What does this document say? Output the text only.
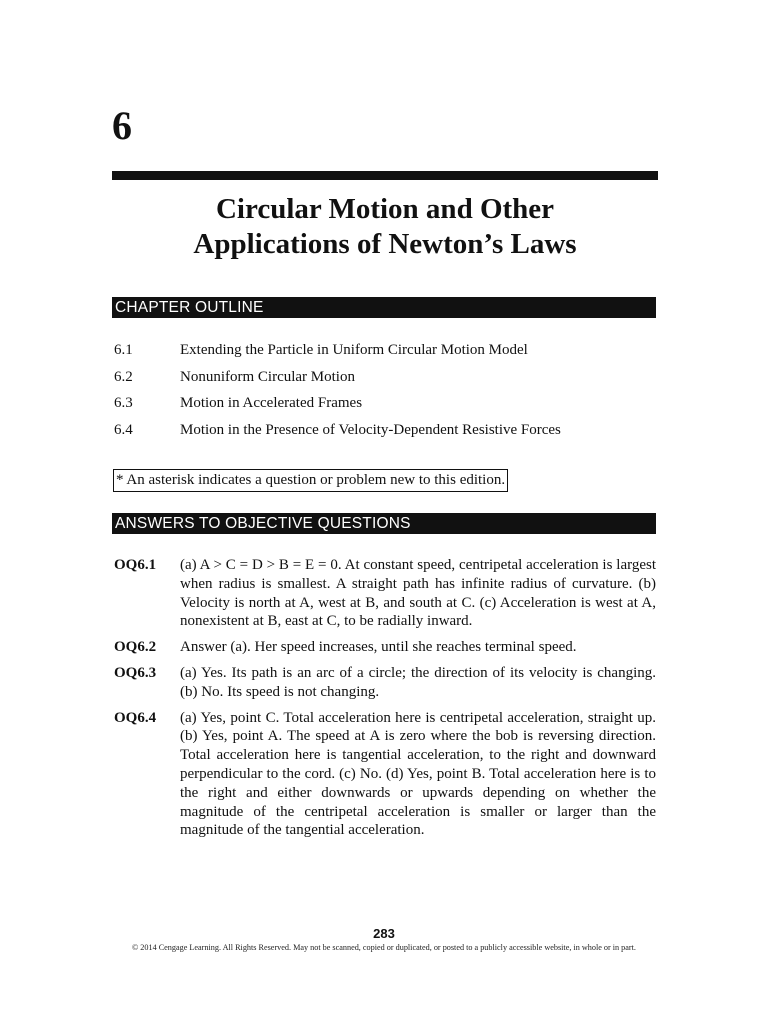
6
Circular Motion and Other
Applications of Newton’s Laws
CHAPTER OUTLINE
6.1	Extending the Particle in Uniform Circular Motion Model
6.2	Nonuniform Circular Motion
6.3	Motion in Accelerated Frames
6.4	Motion in the Presence of Velocity-Dependent Resistive Forces
* An asterisk indicates a question or problem new to this edition.
ANSWERS TO OBJECTIVE QUESTIONS
OQ6.1	(a) A > C = D > B = E = 0. At constant speed, centripetal acceleration is largest when radius is smallest. A straight path has infinite radius of curvature. (b) Velocity is north at A, west at B, and south at C. (c) Acceleration is west at A, nonexistent at B, east at C, to be radially inward.
OQ6.2	Answer (a). Her speed increases, until she reaches terminal speed.
OQ6.3	(a) Yes. Its path is an arc of a circle; the direction of its velocity is changing. (b) No. Its speed is not changing.
OQ6.4	(a) Yes, point C. Total acceleration here is centripetal acceleration, straight up. (b) Yes, point A. The speed at A is zero where the bob is reversing direction. Total acceleration here is tangential acceleration, to the right and downward perpendicular to the cord. (c) No. (d) Yes, point B. Total acceleration here is to the right and either downwards or upwards depending on whether the magnitude of the centripetal acceleration is smaller or larger than the magnitude of the tangential acceleration.
283
© 2014 Cengage Learning. All Rights Reserved. May not be scanned, copied or duplicated, or posted to a publicly accessible website, in whole or in part.
